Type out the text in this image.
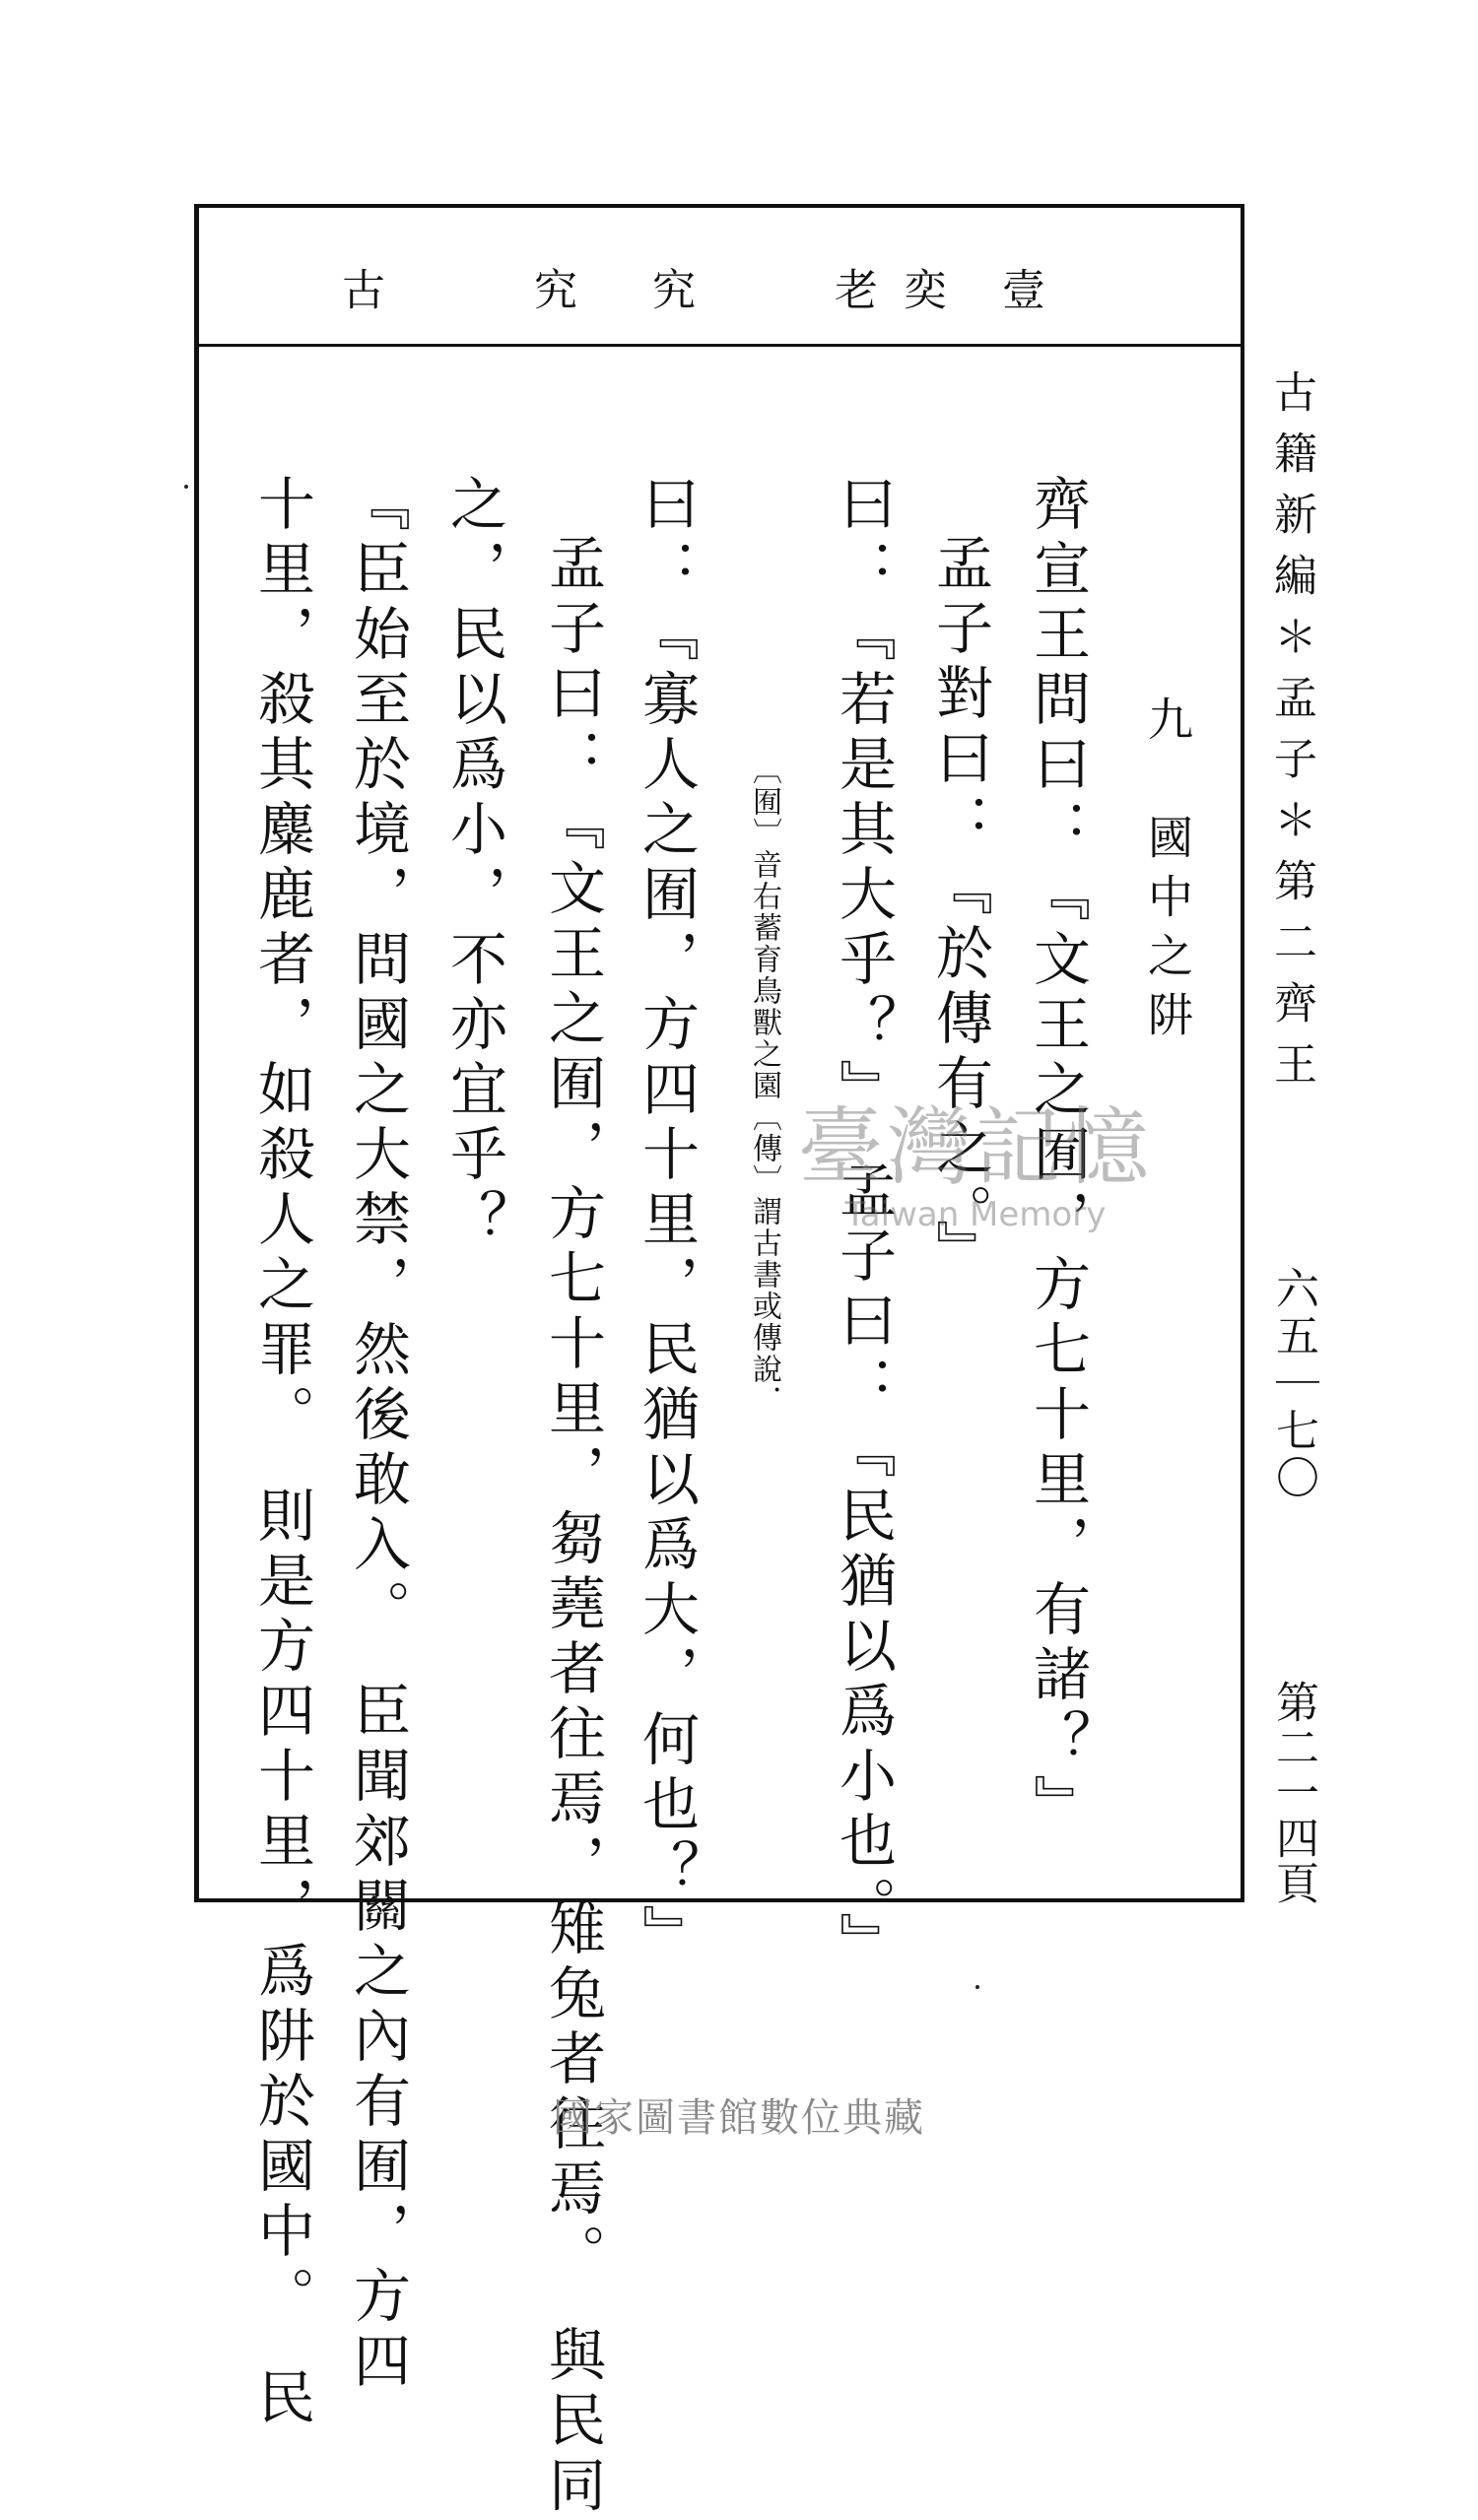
壹
奕
老
究
究
古
九　國中之阱
齊宣王問曰：『文王之囿，方七十里，有諸？』
孟子對曰：『於傳有之。』
曰：『若是其大乎？』　孟子曰：『民猶以爲小也。』
〔囿〕音右蓄育鳥獸之園〔傳〕謂古書或傳說．
曰：『寡人之囿，方四十里，民猶以爲大，何也？』
孟子曰：『文王之囿，方七十里，芻蕘者往焉，雉兔者往焉。　與民同
之，民以爲小，不亦宜乎？
『臣始至於境，問國之大禁，然後敢入。　臣聞郊關之內有囿，方四
十里，殺其麋鹿者，如殺人之罪。　則是方四十里，爲阱於國中。　民	古籍新編＊孟子＊第二齊王
六五｜七〇
第二一四頁
臺灣記憶
Taiwan Memory
國家圖書館數位典藏
